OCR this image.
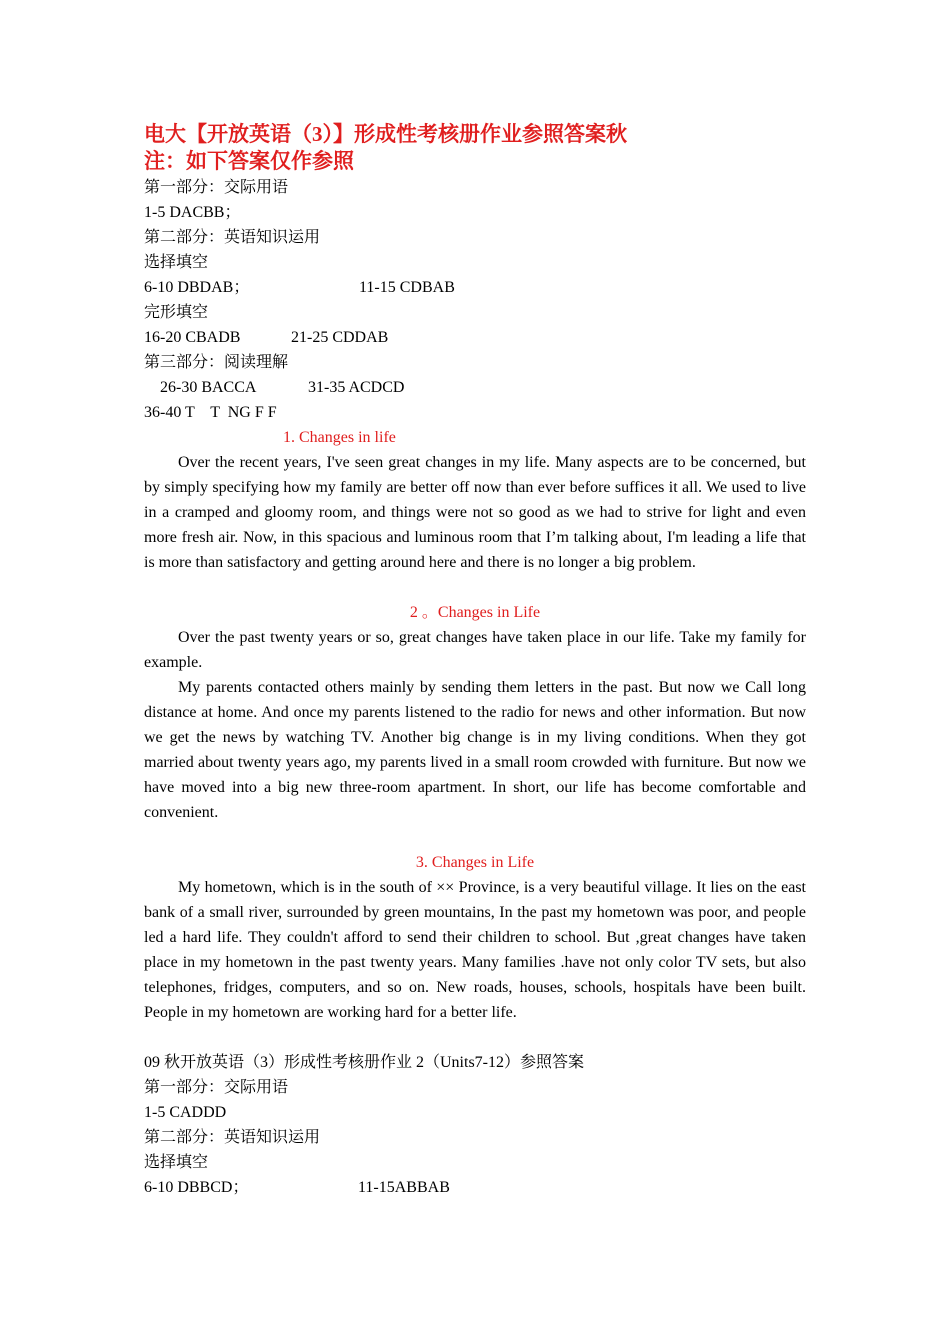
电大【开放英语（3）】形成性考核册作业参照答案秋
注：如下答案仅作参照
第一部分：交际用语
1-5 DACBB；
第二部分：英语知识运用
选择填空
6-10 DBDAB；	11-15 CDBAB
完形填空
16-20 CBADB	21-25 CDDAB
第三部分：阅读理解
26-30 BACCA	31-35 ACDCD
36-40 T    T  NG F F
1. Changes in life

Over the recent years, I've seen great changes in my life. Many aspects are to be concerned, but by simply specifying how my family are better off now than ever before suffices it all. We used to live in a cramped and gloomy room, and things were not so good as we had to strive for light and even more fresh air. Now, in this spacious and luminous room that I’m talking about, I'm leading a life that is more than satisfactory and getting around here and there is no longer a big problem.

2 。Changes in Life

Over the past twenty years or so, great changes have taken place in our life. Take my family for example.

My parents contacted others mainly by sending them letters in the past. But now we Call long distance at home. And once my parents listened to the radio for news and other information. But now we get the news by watching TV. Another big change is in my living conditions. When they got married about twenty years ago, my parents lived in a small room crowded with furniture. But now we have moved into a big new three-room apartment. In short, our life has become comfortable and convenient.

3. Changes in Life

My hometown, which is in the south of ×× Province, is a very beautiful village. It lies on the east bank of a small river, surrounded by green mountains, In the past my hometown was poor, and people led a hard life. They couldn't afford to send their children to school. But ,great changes have taken place in my hometown in the past twenty years. Many families .have not only color TV sets, but also telephones, fridges, computers, and so on. New roads, houses, schools, hospitals have been built. People in my hometown are working hard for a better life.

09 秋开放英语（3）形成性考核册作业 2（Units7-12）参照答案
第一部分：交际用语
1-5 CADDD
第二部分：英语知识运用
选择填空
6-10 DBBCD；	11-15ABBAB
